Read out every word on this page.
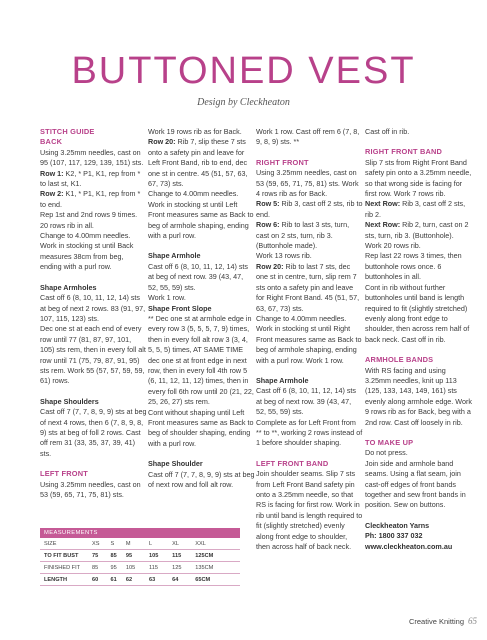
BUTTONED VEST
Design by Cleckheaton
STITCH GUIDE
BACK

Using 3.25mm needles, cast on 95 (107, 117, 129, 139, 151) sts.

Row 1: K2, * P1, K1, rep from * to last st, K1.

Row 2: K1, * P1, K1, rep from * to end.

Rep 1st and 2nd rows 9 times. 20 rows rib in all.

Change to 4.00mm needles. Work in stocking st until Back measures 38cm from beg, ending with a purl row.

Shape Armholes

Cast off 6 (8, 10, 11, 12, 14) sts at beg of next 2 rows. 83 (91, 97, 107, 115, 123) sts.

Dec one st at each end of every row until 77 (81, 87, 97, 101, 105) sts rem, then in every foll alt row until 71 (75, 79, 87, 91, 95) sts rem. Work 55 (57, 57, 59, 59, 61) rows.

Shape Shoulders

Cast off 7 (7, 7, 8, 9, 9) sts at beg of next 4 rows, then 6 (7, 8, 9, 8, 9) sts at beg of foll 2 rows. Cast off rem 31 (33, 35, 37, 39, 41) sts.

LEFT FRONT

Using 3.25mm needles, cast on 53 (59, 65, 71, 75, 81) sts.

Work 19 rows rib as for Back.

Row 20: Rib 7, slip these 7 sts onto a safety pin and leave for Left Front Band, rib to end, dec one st in centre. 45 (51, 57, 63, 67, 73) sts.

Change to 4.00mm needles. Work in stocking st until Left Front measures same as Back to beg of armhole shaping, ending with a purl row.

Shape Armhole

Cast off 6 (8, 10, 11, 12, 14) sts at beg of next row. 39 (43, 47, 52, 55, 59) sts.

Work 1 row.

Shape Front Slope

** Dec one st at armhole edge in every row 3 (5, 5, 5, 7, 9) times, then in every foll alt row 3 (3, 4, 5, 5, 5) times, AT SAME TIME dec one st at front edge in next row, then in every foll 4th row 5 (6, 11, 12, 11, 12) times, then in every foll 6th row until 20 (21, 22, 25, 26, 27) sts rem.

Cont without shaping until Left Front measures same as Back to beg of shoulder shaping, ending with a purl row.

Shape Shoulder

Cast off 7 (7, 7, 8, 9, 9) sts at beg of next row and foll alt row.

Work 1 row. Cast off rem 6 (7, 8, 9, 8, 9) sts. **

RIGHT FRONT

Using 3.25mm needles, cast on 53 (59, 65, 71, 75, 81) sts. Work 4 rows rib as for Back.

Row 5: Rib 3, cast off 2 sts, rib to end.

Row 6: Rib to last 3 sts, turn, cast on 2 sts, turn, rib 3. (Buttonhole made).

Work 13 rows rib.

Row 20: Rib to last 7 sts, dec one st in centre, turn, slip rem 7 sts onto a safety pin and leave for Right Front Band. 45 (51, 57, 63, 67, 73) sts.

Change to 4.00mm needles. Work in stocking st until Right Front measures same as Back to beg of armhole shaping, ending with a purl row. Work 1 row.

Shape Armhole

Cast off 6 (8, 10, 11, 12, 14) sts at beg of next row. 39 (43, 47, 52, 55, 59) sts.

Complete as for Left Front from ** to **, working 2 rows instead of 1 before shoulder shaping.

LEFT FRONT BAND

Join shoulder seams. Slip 7 sts from Left Front Band safety pin onto a 3.25mm needle, so that RS is facing for first row. Work in rib until band is length required to fit (slightly stretched) evenly along front edge to shoulder, then across half of back neck.

Cast off in rib.

RIGHT FRONT BAND

Slip 7 sts from Right Front Band safety pin onto a 3.25mm needle, so that wrong side is facing for first row. Work 7 rows rib.

Next Row: Rib 3, cast off 2 sts, rib 2.

Next Row: Rib 2, turn, cast on 2 sts, turn, rib 3. (Buttonhole). Work 20 rows rib.

Rep last 22 rows 3 times, then buttonhole rows once. 6 buttonholes in all.

Cont in rib without further buttonholes until band is length required to fit (slightly stretched) evenly along front edge to shoulder, then across rem half of back neck. Cast off in rib.

ARMHOLE BANDS

With RS facing and using 3.25mm needles, knit up 113 (125, 133, 143, 149, 161) sts evenly along armhole edge. Work 9 rows rib as for Back, beg with a 2nd row. Cast off loosely in rib.

TO MAKE UP

Do not press.

Join side and armhole band seams. Using a flat seam, join cast-off edges of front bands together and sew front bands in position. Sew on buttons.

Cleckheaton Yarns
Ph: 1800 337 032
www.cleckheaton.com.au
MEASUREMENTS
SIZE	XS	S	M	L	XL	XXL
TO FIT BUST	75	85	95	105	115	125CM
FINISHED FIT	85	95	105	115	125	135CM
LENGTH	60	61	62	63	64	65CM
Creative Knitting 65
